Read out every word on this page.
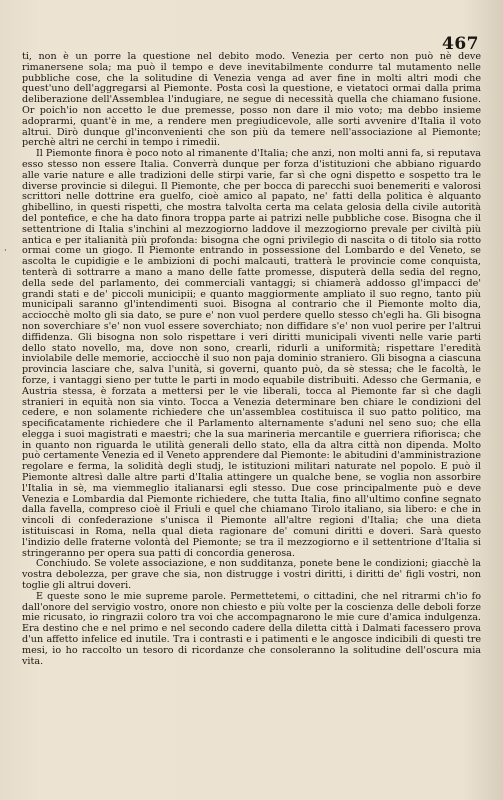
467
·

ti, non è un porre la questione nel debito modo. Venezia per certo non può nè deve rimanersene sola; ma può il tempo e deve inevitabilmente condurre tal mutamento nelle pubbliche cose, che la solitudine di Venezia venga ad aver fine in molti altri modi che quest'uno dell'aggregarsi al Piemonte. Posta così la questione, e vietatoci ormai dalla prima deliberazione dell'Assemblea l'indugiare, ne segue di necessità quella che chiamano fusione. Or poich'io non accetto le due premesse, posso non dare il mio voto; ma debbo insieme adoprarmi, quant'è in me, a rendere men pregiudicevole, alle sorti avvenire d'Italia il voto altrui. Dirò dunque gl'inconvenienti che son più da temere nell'associazione al Piemonte; perchè altri ne cerchi in tempo i rimedii.

Il Piemonte finora è poco noto al rimanente d'Italia; che anzi, non molti anni fa, si reputava esso stesso non essere Italia. Converrà dunque per forza d'istituzioni che abbiano riguardo alle varie nature e alle tradizioni delle stirpi varie, far sì che ogni dispetto e sospetto tra le diverse provincie si dilegui. Il Piemonte, che per bocca di parecchi suoi benemeriti e valorosi scrittori nelle dottrine era guelfo, cioè amico al papato, ne' fatti della politica è alquanto ghibellino, in questi rispetti, che mostra talvolta certa ma celata gelosia della civile autorità del pontefice, e che ha dato finora troppa parte ai patrizi nelle pubbliche cose. Bisogna che il settentrione di Italia s'inchini al mezzogiorno laddove il mezzogiorno prevale per civiltà più antica e per italianità più profonda: bisogna che ogni privilegio di nascita o di titolo sia rotto ormai come un giogo. Il Piemonte entrando in possessione del Lombardo e del Veneto, se ascolta le cupidigie e le ambizioni di pochi malcauti, tratterà le provincie come conquista, tenterà di sottrarre a mano a mano delle fatte promesse, disputerà della sedia del regno, della sede del parlamento, dei commerciali vantaggi; si chiamerà addosso gl'impacci de' grandi stati e de' piccoli municipii; e quanto maggiormente ampliato il suo regno, tanto più municipali saranno gl'intendimenti suoi. Bisogna al contrario che il Piemonte molto dia, acciocchè molto gli sia dato, se pure e' non vuol perdere quello stesso ch'egli ha. Gli bisogna non soverchiare s'e' non vuol essere soverchiato; non diffidare s'e' non vuol perire per l'altrui diffidenza. Gli bisogna non solo rispettare i veri diritti municipali viventi nelle varie parti dello stato novello, ma, dove non sono, crearli, ridurli a uniformità; rispettare l'eredità inviolabile delle memorie, acciocchè il suo non paja dominio straniero. Gli bisogna a ciascuna provincia lasciare che, salva l'unità, si governi, quanto può, da sè stessa; che le facoltà, le forze, i vantaggi sieno per tutte le parti in modo equabile distribuiti. Adesso che Germania, e Austria stessa, è forzata a mettersi per le vie liberali, tocca al Piemonte far sì che dagli stranieri in equità non sia vinto. Tocca a Venezia determinare ben chiare le condizioni del cedere, e non solamente richiedere che un'assemblea costituisca il suo patto politico, ma specificatamente richiedere che il Parlamento alternamente s'aduni nel seno suo; che ella elegga i suoi magistrati e maestri; che la sua marineria mercantile e guerriera rifiorisca; che in quanto non riguarda le utilità generali dello stato, ella da altra città non dipenda. Molto può certamente Venezia ed il Veneto apprendere dal Piemonte: le abitudini d'amministrazione regolare e ferma, la solidità degli studj, le istituzioni militari naturate nel popolo. E può il Piemonte altresì dalle altre parti d'Italia attingere un qualche bene, se voglia non assorbire l'Italia in sè, ma viemmeglio italianarsi egli stesso. Due cose principalmente può e deve Venezia e Lombardia dal Piemonte richiedere, che tutta Italia, fino all'ultimo confine segnato dalla favella, compreso cioè il Friuli e quel che chiamano Tirolo italiano, sia libero: e che in vincoli di confederazione s'unisca il Piemonte all'altre regioni d'Italia; che una dieta istituiscasi in Roma, nella qual dieta ragionare de' comuni diritti e doveri. Sarà questo l'indizio delle fraterne volontà del Piemonte; se tra il mezzogiorno e il settentrione d'Italia si stringeranno per opera sua patti di concordia generosa.

Conchiudo. Se volete associazione, e non sudditanza, ponete bene le condizioni; giacchè la vostra debolezza, per grave che sia, non distrugge i vostri diritti, i diritti de' figli vostri, non toglie gli altrui doveri.

E queste sono le mie supreme parole. Permettetemi, o cittadini, che nel ritrarmi ch'io fo dall'onore del servigio vostro, onore non chiesto e più volte per la coscienza delle deboli forze mie ricusato, io ringrazii coloro tra voi che accompagnarono le mie cure d'amica indulgenza. Era destino che e nel primo e nel secondo cadere della diletta città i Dalmati facessero prova d'un affetto infelice ed inutile. Tra i contrasti e i patimenti e le angosce indicibili di questi tre mesi, io ho raccolto un tesoro di ricordanze che consoleranno la solitudine dell'oscura mia vita.
